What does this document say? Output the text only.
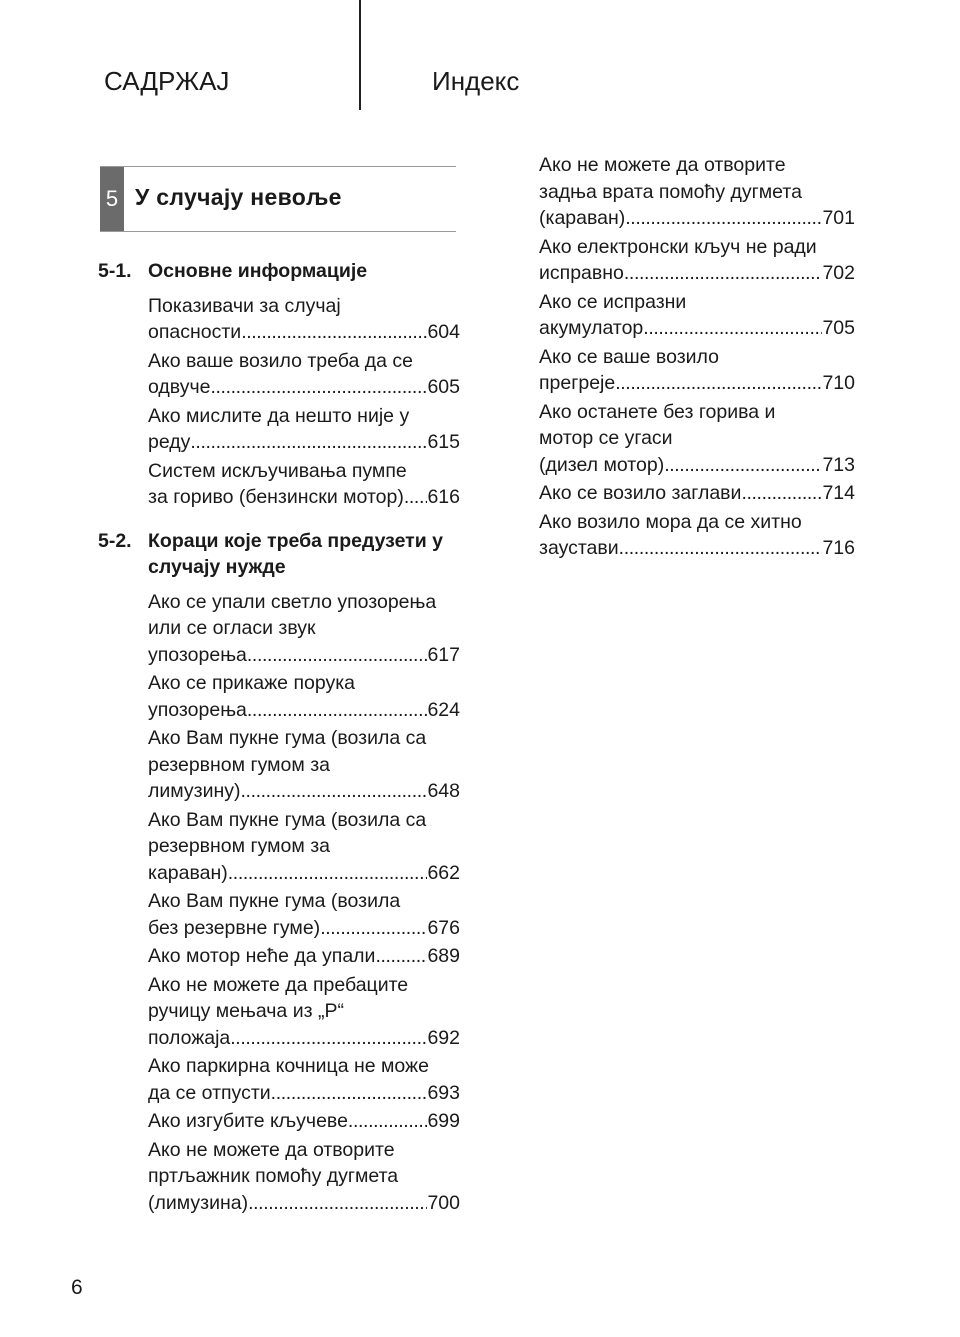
САДРЖАЈ	Индекс
5 У случају невоље
5-1. Основне информације
Показивачи за случај
опасности . . .	604
Ако ваше возило треба да се
одвуче . . .	605
Ако мислите да нешто није у
реду . . .	615
Систем искључивања пумпе
за гориво (бензински мотор) . . . 616
5-2. Кораци које треба предузети у случају нужде
Ако се упали светло упозорења
или се огласи звук
упозорења . . .	617
Ако се прикаже порука
упозорења . . .	624
Ако Вам пукне гума (возила са
резервном гумом за
лимузину) . . .	648
Ако Вам пукне гума (возила са
резервном гумом за
караван) . . .	662
Ако Вам пукне гума (возила
без резервне гуме) . . .	676
Ако мотор неће да упали . . .	689
Ако не можете да пребаците
ручицу мењача из „P“
положаја . . .	692
Ако паркирна кочница не може
да се отпусти . . .	693
Ако изгубите кључеве . . .	699
Ако не можете да отворите
пртљажник помоћу дугмета
(лимузина) . . .	700
Ако не можете да отворите
задња врата помоћу дугмета
(караван) . . .	701
Ако електронски кључ не ради
исправно . . .	702
Ако се испразни
акумулатор . . .	705
Ако се ваше возило
прегреје . . .	710
Ако останете без горива и
мотор се угаси
(дизел мотор) . . .	713
Ако се возило заглави . . .	714
Ако возило мора да се хитно
заустави . . .	716
6
